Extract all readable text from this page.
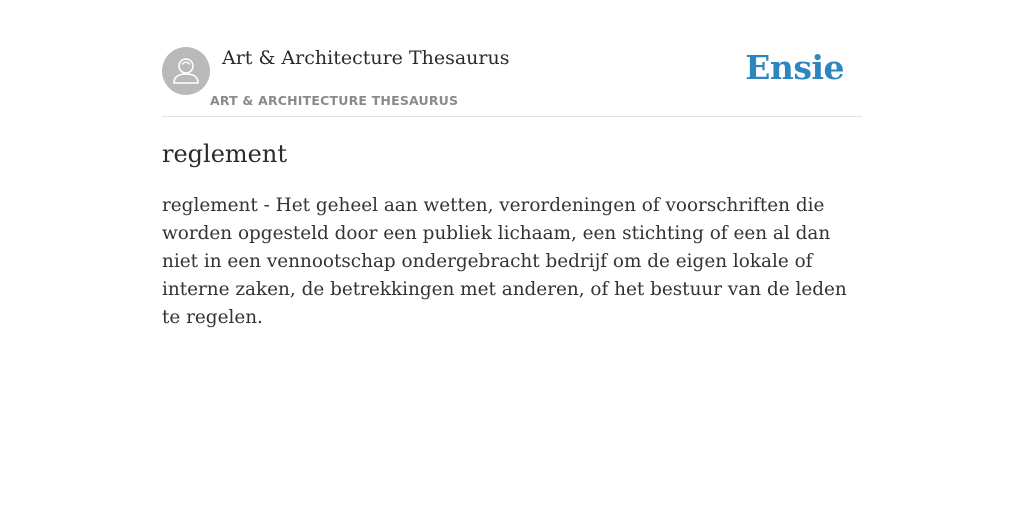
Art & Architecture Thesaurus
ART & ARCHITECTURE THESAURUS
Ensie
reglement

reglement - Het geheel aan wetten, verordeningen of voorschriften die worden opgesteld door een publiek lichaam, een stichting of een al dan niet in een vennootschap ondergebracht bedrijf om de eigen lokale of interne zaken, de betrekkingen met anderen, of het bestuur van de leden te regelen.
